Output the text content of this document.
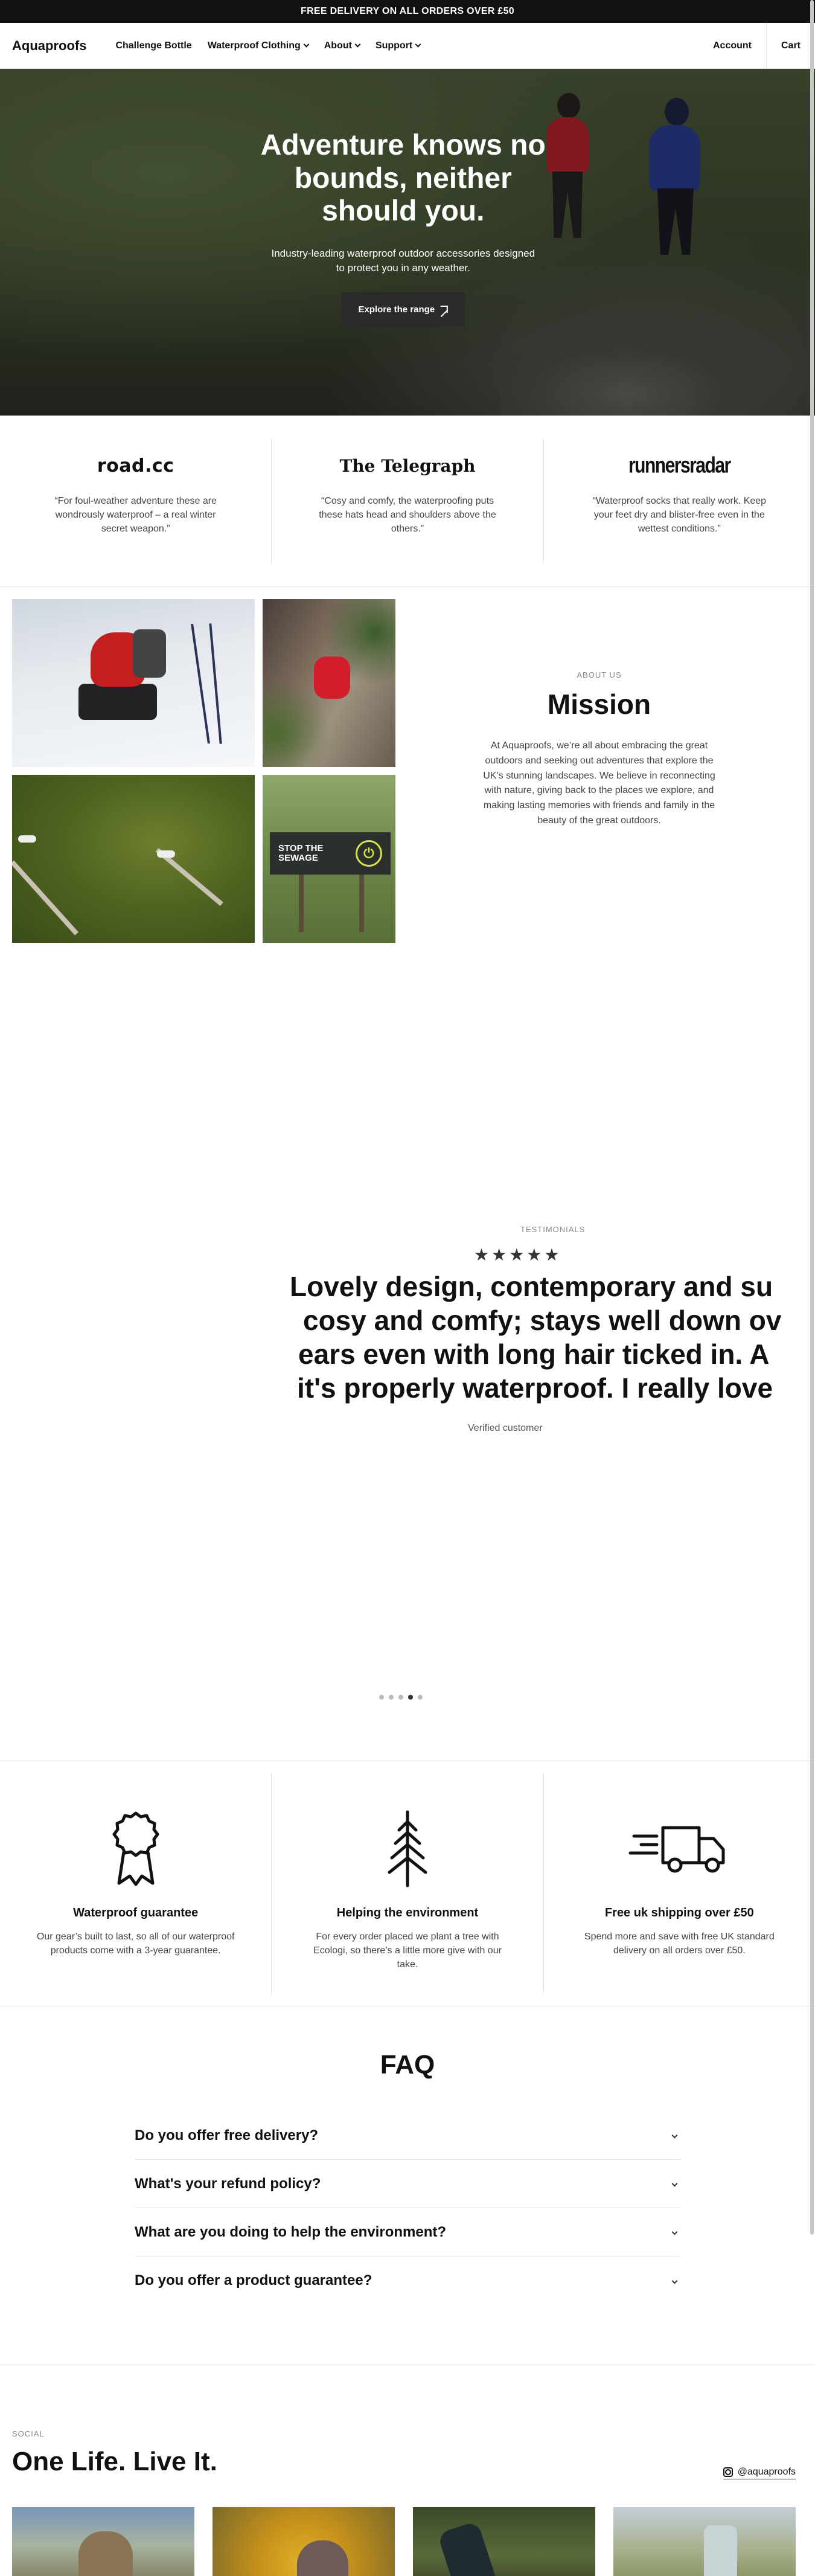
FREE DELIVERY ON ALL ORDERS OVER £50
Aquaproofs	Challenge Bottle Waterproof Clothing About Support	Account	Cart
Adventure knows no bounds, neither should you.

Industry-leading waterproof outdoor accessories designed to protect you in any weather.

Explore the range
road.cc

“For foul-weather adventure these are wondrously waterproof – a real winter secret weapon.”

The Telegraph

“Cosy and comfy, the waterproofing puts these hats head and shoulders above the others.”

runnersradar

“Waterproof socks that really work. Keep your feet dry and blister-free even in the wettest conditions.”

STOP THE SEWAGE	⏻
ABOUT US
Mission

At Aquaproofs, we’re all about embracing the great outdoors and seeking out adventures that explore the UK’s stunning landscapes. We believe in reconnecting with nature, giving back to the places we explore, and making lasting memories with friends and family in the beauty of the great outdoors.

TESTIMONIALS
★★★★★
Lovely design, contemporary and su
cosy and comfy; stays well down ov
ears even with long hair ticked in. A
it's properly waterproof. I really love
Verified customer
Waterproof guarantee

Our gear’s built to last, so all of our waterproof products come with a 3-year guarantee.

Helping the environment

For every order placed we plant a tree with Ecologi, so there’s a little more give with our take.

Free uk shipping over £50

Spend more and save with free UK standard delivery on all orders over £50.

FAQ
Do you offer free delivery?
What's your refund policy?
What are you doing to help the environment?
Do you offer a product guarantee?
SOCIAL
One Life. Live It.	@aquaproofs
